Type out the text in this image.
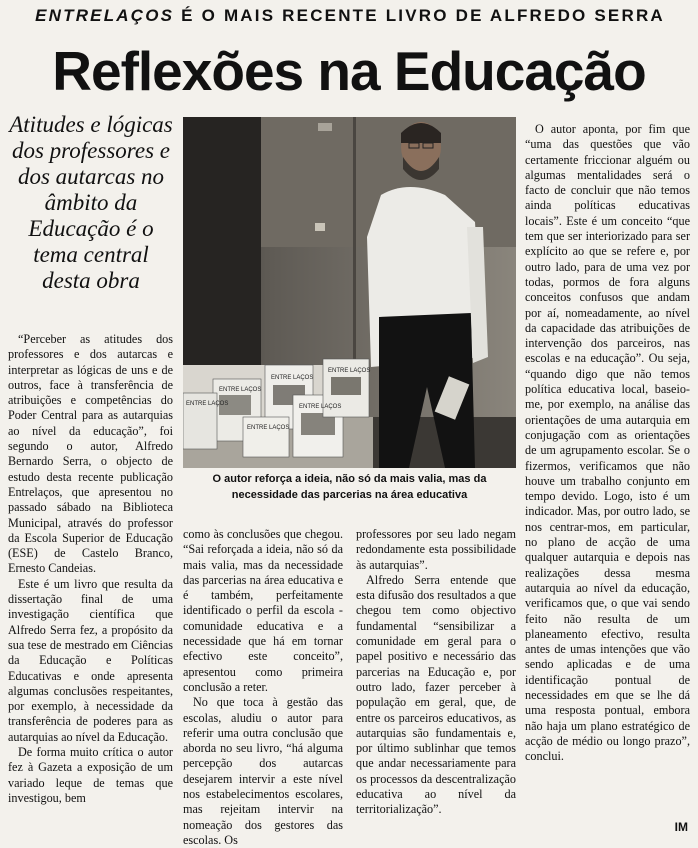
ENTRELAÇOS É O MAIS RECENTE LIVRO DE ALFREDO SERRA
Reflexões na Educação
Atitudes e lógicas dos professores e dos autarcas no âmbito da Educação é o tema central desta obra
ENTRE LAÇOS
ENTRE LAÇOS
ENTRE LAÇOS
ENTRE LAÇOS
ENTRE LAÇOS
ENTRE LAÇOS
O autor reforça a ideia, não só da mais valia, mas da necessidade das parcerias na área educativa

“Perceber as atitudes dos professores e dos autarcas e interpretar as lógicas de uns e de outros, face à transferência de atribuições e competências do Poder Central para as autarquias ao nível da educação”, foi segundo o autor, Alfredo Bernardo Serra, o objecto de estudo desta recente publicação Entrelaços, que apresentou no passado sábado na Biblioteca Municipal, através do professor da Escola Superior de Educação (ESE) de Castelo Branco, Ernesto Candeias.

Este é um livro que resulta da dissertação final de uma investigação científica que Alfredo Serra fez, a propósito da sua tese de mestrado em Ciências da Educação e Políticas Educativas e onde apresenta algumas conclusões respeitantes, por exemplo, à necessidade da transferência de poderes para as autarquias ao nível da Educação.

De forma muito crítica o autor fez à Gazeta a exposição de um variado leque de temas que investigou, bem

como às conclusões que chegou. “Sai reforçada a ideia, não só da mais valia, mas da necessidade das parcerias na área educativa e é também, perfeitamente identificado o perfil da escola - comunidade educativa e a necessidade que há em tornar efectivo este conceito”, apresentou como primeira conclusão a reter.

No que toca à gestão das escolas, aludiu o autor para referir uma outra conclusão que aborda no seu livro, “há alguma percepção dos autarcas desejarem intervir a este nível nos estabelecimentos escolares, mas rejeitam intervir na nomeação dos gestores das escolas. Os

professores por seu lado negam redondamente esta possibilidade às autarquias”.

Alfredo Serra entende que esta difusão dos resultados a que chegou tem como objectivo fundamental “sensibilizar a comunidade em geral para o papel positivo e necessário das parcerias na Educação e, por outro lado, fazer perceber à população em geral, que, de entre os parceiros educativos, as autarquias são fundamentais e, por último sublinhar que temos que andar necessariamente para os processos da descentralização educativa ao nível da territorialização”.

O autor aponta, por fim que “uma das questões que vão certamente friccionar alguém ou algumas mentalidades será o facto de concluir que não temos ainda políticas educativas locais”. Este é um conceito “que tem que ser interiorizado para ser explícito ao que se refere e, por outro lado, para de uma vez por todas, pormos de fora alguns conceitos confusos que andam por aí, nomeadamente, ao nível da capacidade das atribuições de intervenção dos parceiros, nas escolas e na educação”. Ou seja, “quando digo que não temos política educativa local, baseio-me, por exemplo, na análise das orientações de uma autarquia em conjugação com as orientações de um agrupamento escolar. Se o fizermos, verificamos que não houve um trabalho conjunto em tempo devido. Logo, isto é um indicador. Mas, por outro lado, se nos centrar-mos, em particular, no plano de acção de uma qualquer autarquia e depois nas realizações dessa mesma autarquia ao nível da educação, verificamos que, o que vai sendo feito não resulta de um planeamento efectivo, resulta antes de umas intenções que vão sendo aplicadas e de uma identificação pontual de necessidades em que se lhe dá uma resposta pontual, embora não haja um plano estratégico de acção de médio ou longo prazo”, conclui.

IM
